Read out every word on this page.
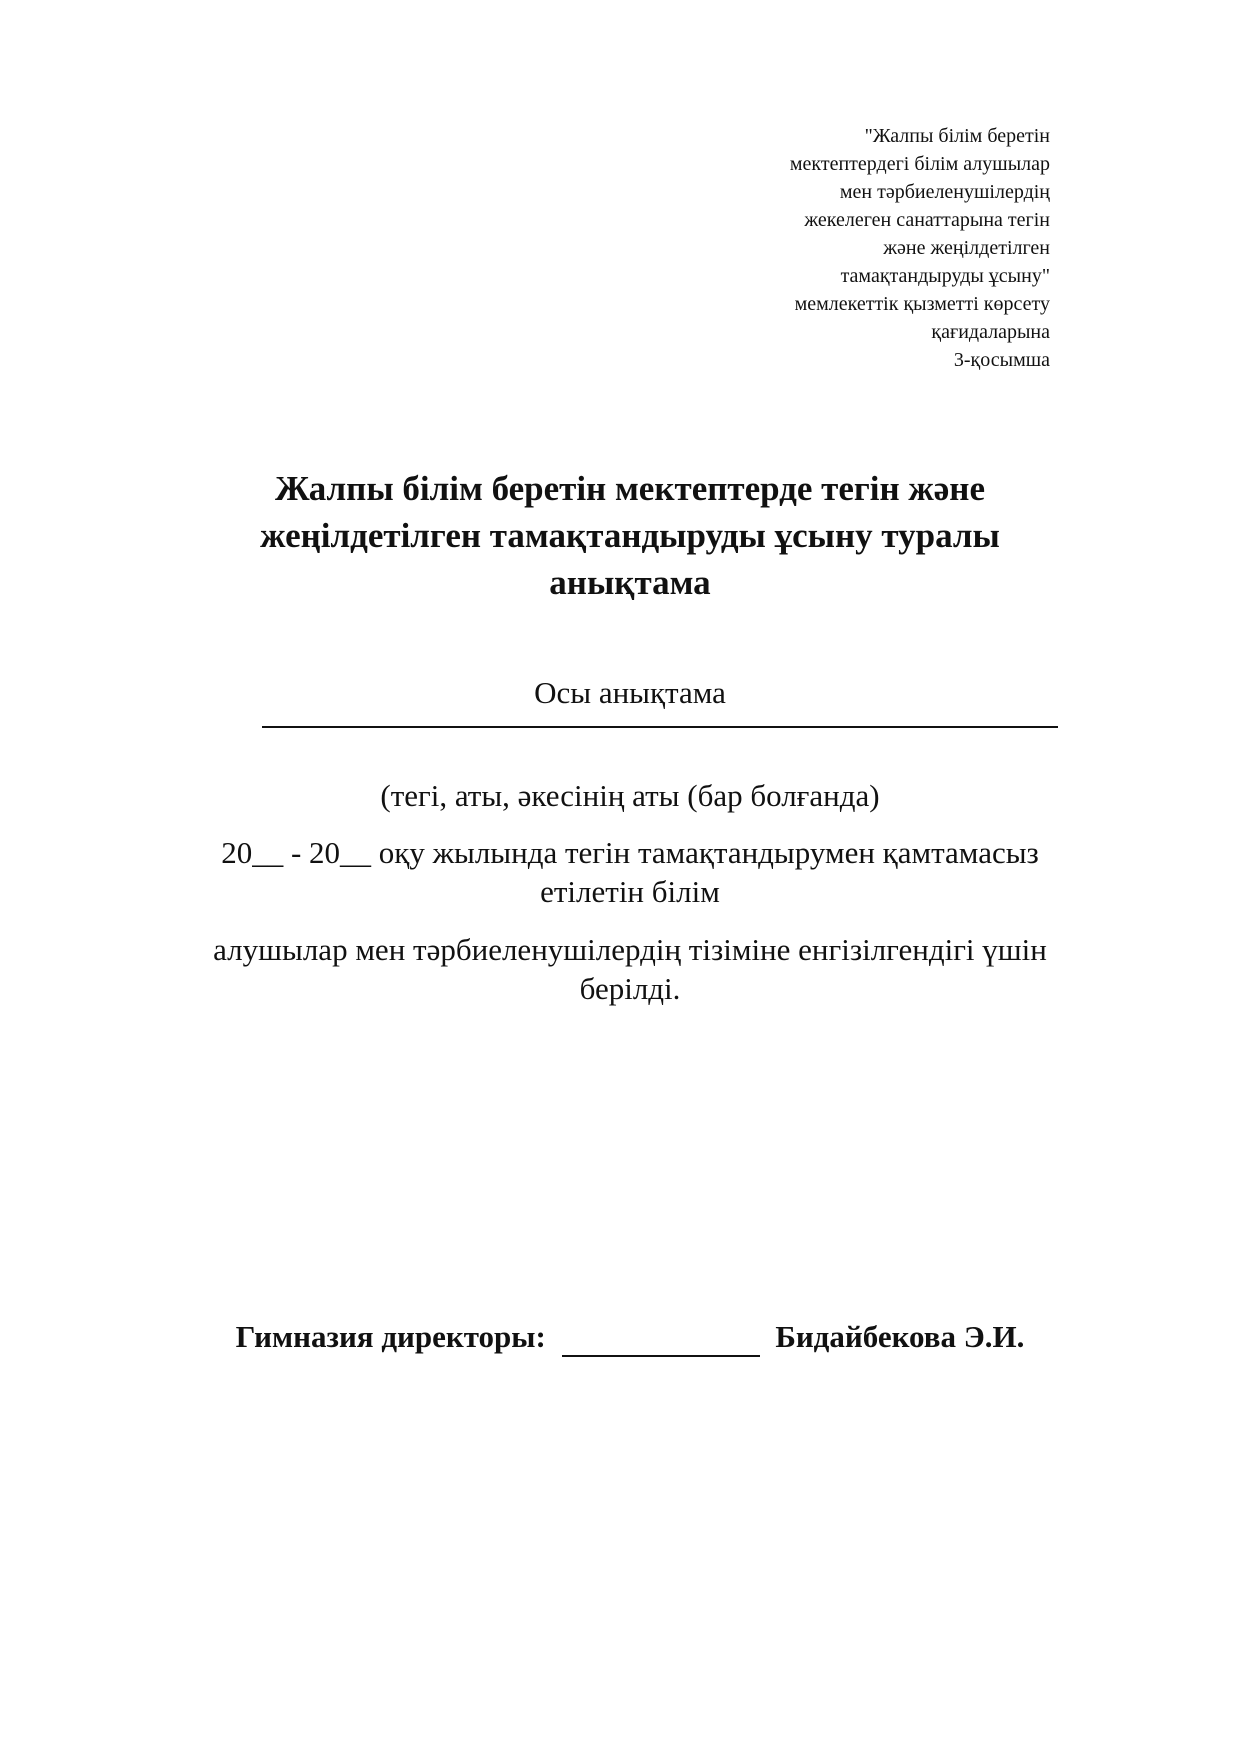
"Жалпы білім беретін
мектептердегі білім алушылар
мен тәрбиеленушілердің
жекелеген санаттарына тегін
және жеңілдетілген
тамақтандыруды ұсыну"
мемлекеттік қызметті көрсету
қағидаларына
3-қосымша
Жалпы білім беретін мектептерде тегін және
жеңілдетілген тамақтандыруды ұсыну туралы
анықтама
Осы анықтама
(тегі, аты, әкесінің аты (бар болғанда)
20__ - 20__ оқу жылында тегін тамақтандырумен қамтамасыз
етілетін білім
алушылар мен тәрбиеленушілердің тізіміне енгізілгендігі үшін
берілді.
Гимназия директоры:	Бидайбекова Э.И.
